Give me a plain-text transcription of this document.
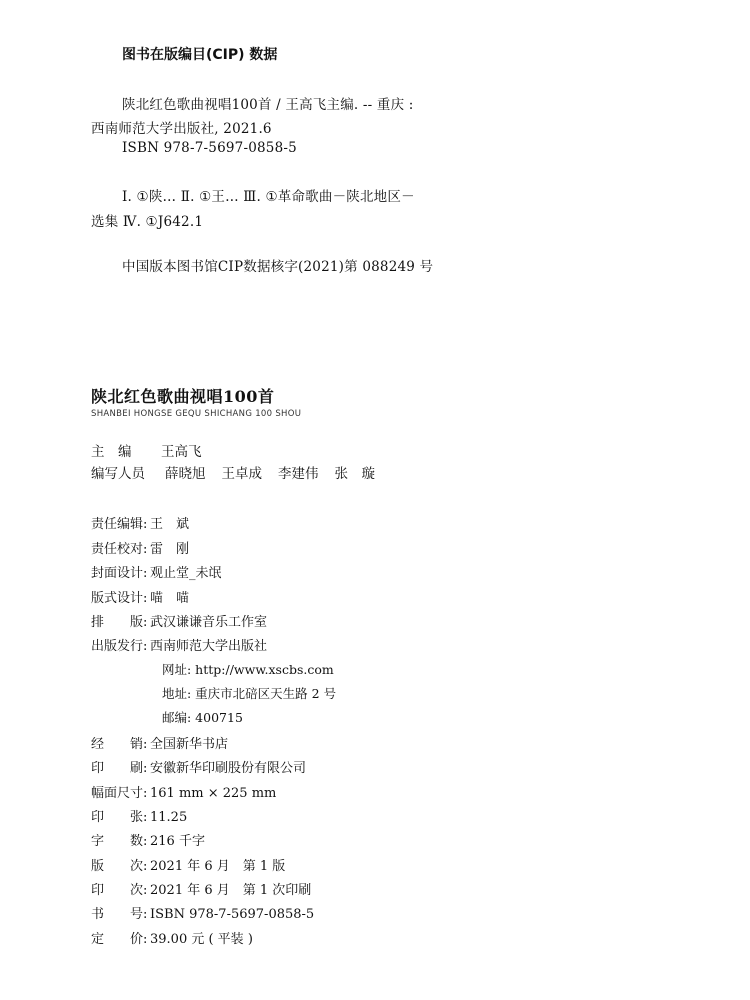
图书在版编目(CIP) 数据
陕北红色歌曲视唱100首 / 王高飞主编. -- 重庆 :
西南师范大学出版社, 2021.6
ISBN 978-7-5697-0858-5
Ⅰ. ①陕… Ⅱ. ①王… Ⅲ. ①革命歌曲－陕北地区－
选集 Ⅳ. ①J642.1
中国版本图书馆CIP数据核字(2021)第 088249 号
陕北红色歌曲视唱100首
SHANBEI HONGSE GEQU SHICHANG 100 SHOU
主　编 王高飞
编写人员 薛晓旭 王卓成 李建伟 张　璇
责任编辑: 王　斌
责任校对: 雷　刚
封面设计: 观止堂_未氓
版式设计: 喵　喵
排　　版: 武汉谦谦音乐工作室
出版发行: 西南师范大学出版社
网址: http://www.xscbs.com
地址: 重庆市北碚区天生路 2 号
邮编: 400715
经　　销: 全国新华书店
印　　刷: 安徽新华印刷股份有限公司
幅面尺寸: 161 mm × 225 mm
印　　张: 11.25
字　　数: 216 千字
版　　次: 2021 年 6 月　第 1 版
印　　次: 2021 年 6 月　第 1 次印刷
书　　号: ISBN 978-7-5697-0858-5
定　　价: 39.00 元 ( 平装 )
